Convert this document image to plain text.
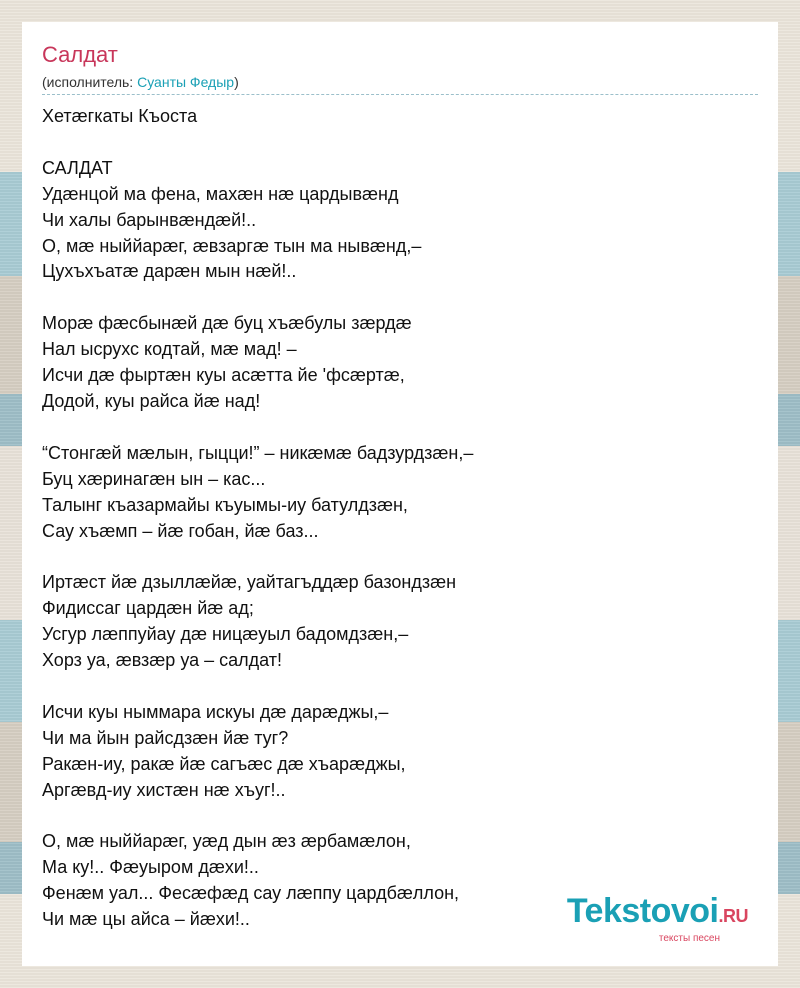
Салдат
(исполнитель: Суанты Федыр)
Хетæгкаты Къоста

САЛДАТ
Удæнцой ма фена, махæн нæ цардывæнд
Чи халы барынвæндæй!..
О, мæ ныййарæг, æвзаргæ тын ма нывæнд,–
Цухъхъатæ дарæн мын нæй!..

Морæ фæсбынæй дæ буц хъæбулы зæрдæ
Нал ысрухс кодтай, мæ мад! –
Исчи дæ фыртæн куы асæтта йе 'фсæртæ,
Додой, куы райса йæ над!

“Стонгæй мæлын, гыцци!” – никæмæ бадзурдзæн,–
Буц хæринагæн ын – кас...
Талынг къазармайы къуымы-иу батулдзæн,
Сау хъæмп – йæ гобан, йæ баз...

Иртæст йæ дзыллæйæ, уайтагъддæр базондзæн
Фидиссаг цардæн йæ ад;
Усгур лæппуйау дæ ницæуыл бадомдзæн,–
Хорз уа, æвзæр уа – салдат!

Исчи куы ныммара искуы дæ дарæджы,–
Чи ма йын райсдзæн йæ туг?
Ракæн-иу, ракæ йæ сагъæс дæ хъарæджы,
Аргæвд-иу хистæн нæ хъуг!..

О, мæ ныййарæг, уæд дын æз æрбамæлон,
Ма ку!.. Фæуыром дæхи!..
Фенæм уал... Фесæфæд сау лæппу цардбæллон,
Чи мæ цы айса – йæхи!..	Tekstovoi.RU
тексты песен
